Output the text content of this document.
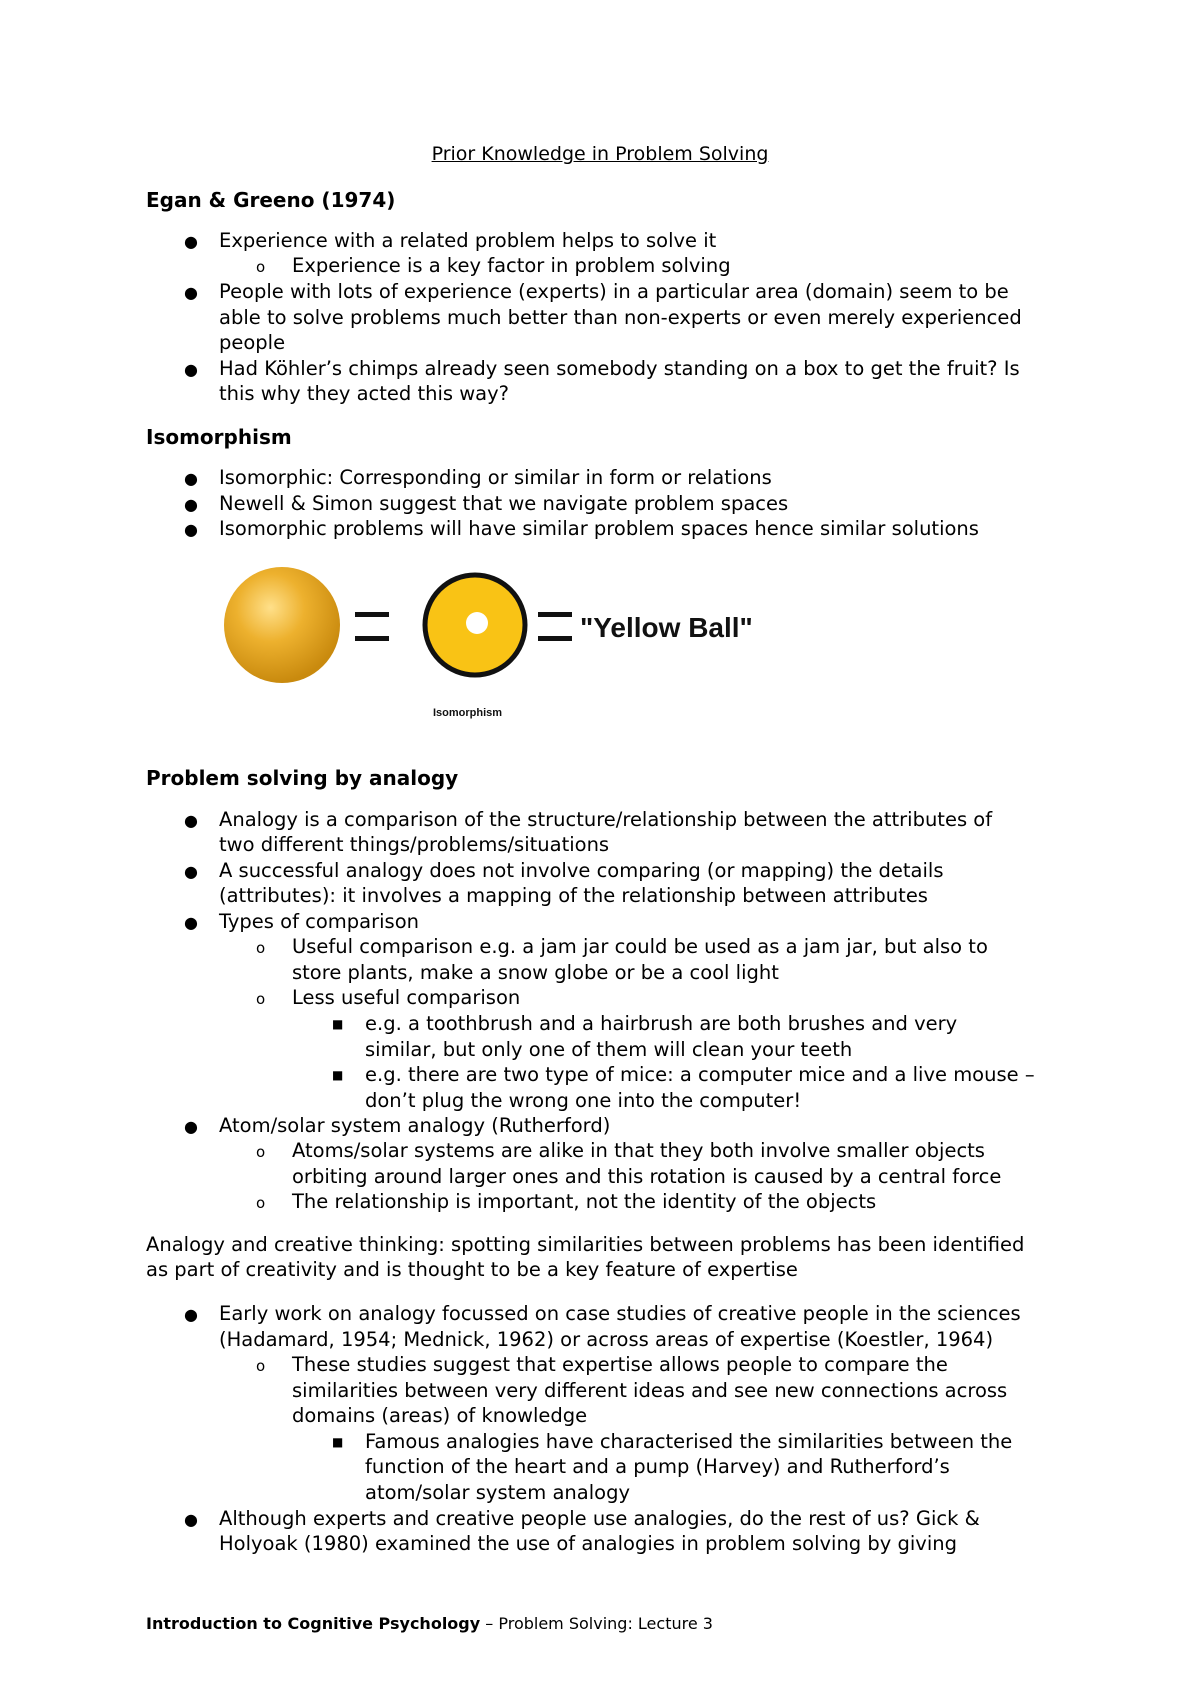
Prior Knowledge in Problem Solving
Egan & Greeno (1974)
● Experience with a related problem helps to solve it
o Experience is a key factor in problem solving
● People with lots of experience (experts) in a particular area (domain) seem to be
able to solve problems much better than non-experts or even merely experienced
people
● Had Köhler’s chimps already seen somebody standing on a box to get the fruit? Is
this why they acted this way?
Isomorphism
● Isomorphic: Corresponding or similar in form or relations
● Newell & Simon suggest that we navigate problem spaces
● Isomorphic problems will have similar problem spaces hence similar solutions
"Yellow Ball"
Isomorphism
Problem solving by analogy
● Analogy is a comparison of the structure/relationship between the attributes of
two different things/problems/situations
● A successful analogy does not involve comparing (or mapping) the details
(attributes): it involves a mapping of the relationship between attributes
● Types of comparison
o Useful comparison e.g. a jam jar could be used as a jam jar, but also to
store plants, make a snow globe or be a cool light
o Less useful comparison
■ e.g. a toothbrush and a hairbrush are both brushes and very
similar, but only one of them will clean your teeth
■ e.g. there are two type of mice: a computer mice and a live mouse –
don’t plug the wrong one into the computer!
● Atom/solar system analogy (Rutherford)
o Atoms/solar systems are alike in that they both involve smaller objects
orbiting around larger ones and this rotation is caused by a central force
o The relationship is important, not the identity of the objects
Analogy and creative thinking: spotting similarities between problems has been identified
as part of creativity and is thought to be a key feature of expertise
● Early work on analogy focussed on case studies of creative people in the sciences
(Hadamard, 1954; Mednick, 1962) or across areas of expertise (Koestler, 1964)
o These studies suggest that expertise allows people to compare the
similarities between very different ideas and see new connections across
domains (areas) of knowledge
■ Famous analogies have characterised the similarities between the
function of the heart and a pump (Harvey) and Rutherford’s
atom/solar system analogy
● Although experts and creative people use analogies, do the rest of us? Gick &
Holyoak (1980) examined the use of analogies in problem solving by giving
Introduction to Cognitive Psychology – Problem Solving: Lecture 3
